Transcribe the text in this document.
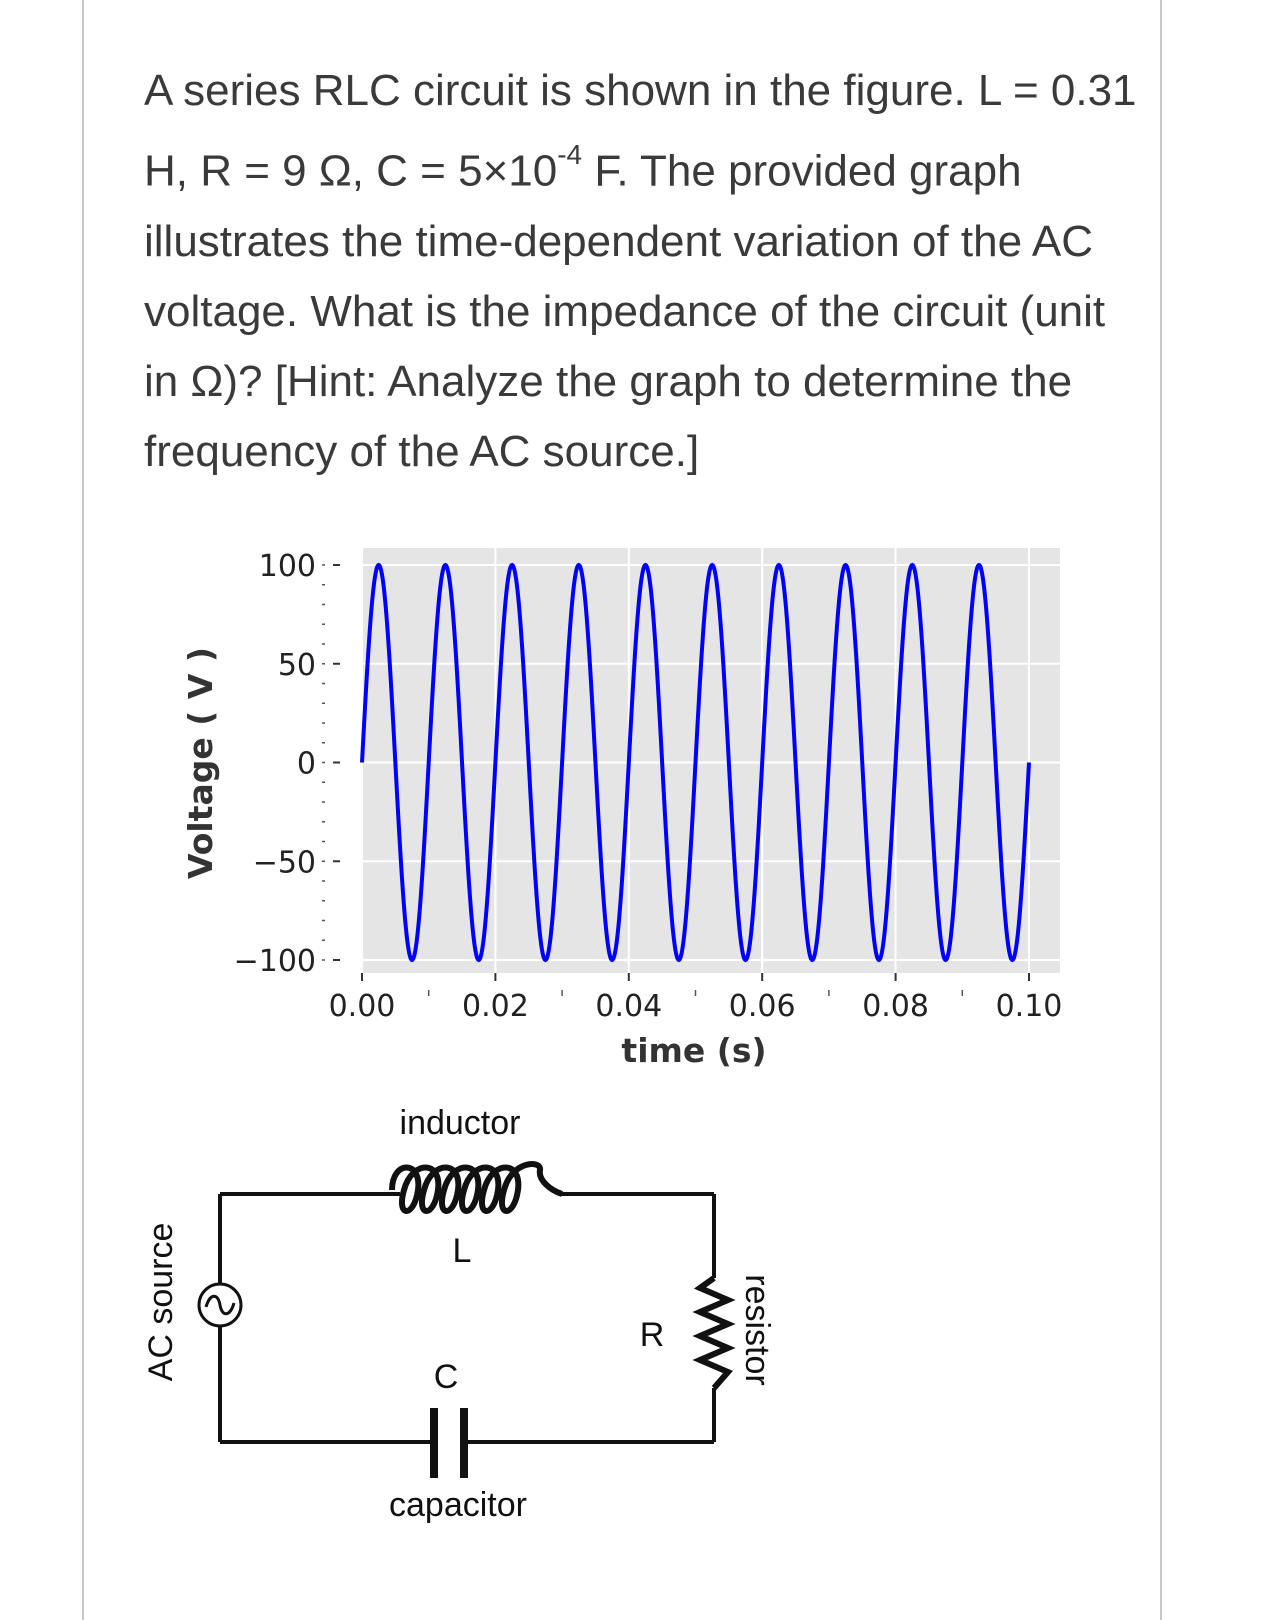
A series RLC circuit is shown in the figure. L = 0.31 H, R = 9 Ω, $C = 5\times 10^{-4}$ F. The provided graph illustrates the time-dependent variation of the AC voltage. What is the impedance of the circuit (unit in Ω)? [Hint: Analyze the graph to determine the frequency of the AC source.]
100
50
0
−50
−100
0.00 0.02 0.04 0.06 0.08 0.10
time (s)
Voltage ( V )
inductor
L
C
capacitor
R resistor
AC source
